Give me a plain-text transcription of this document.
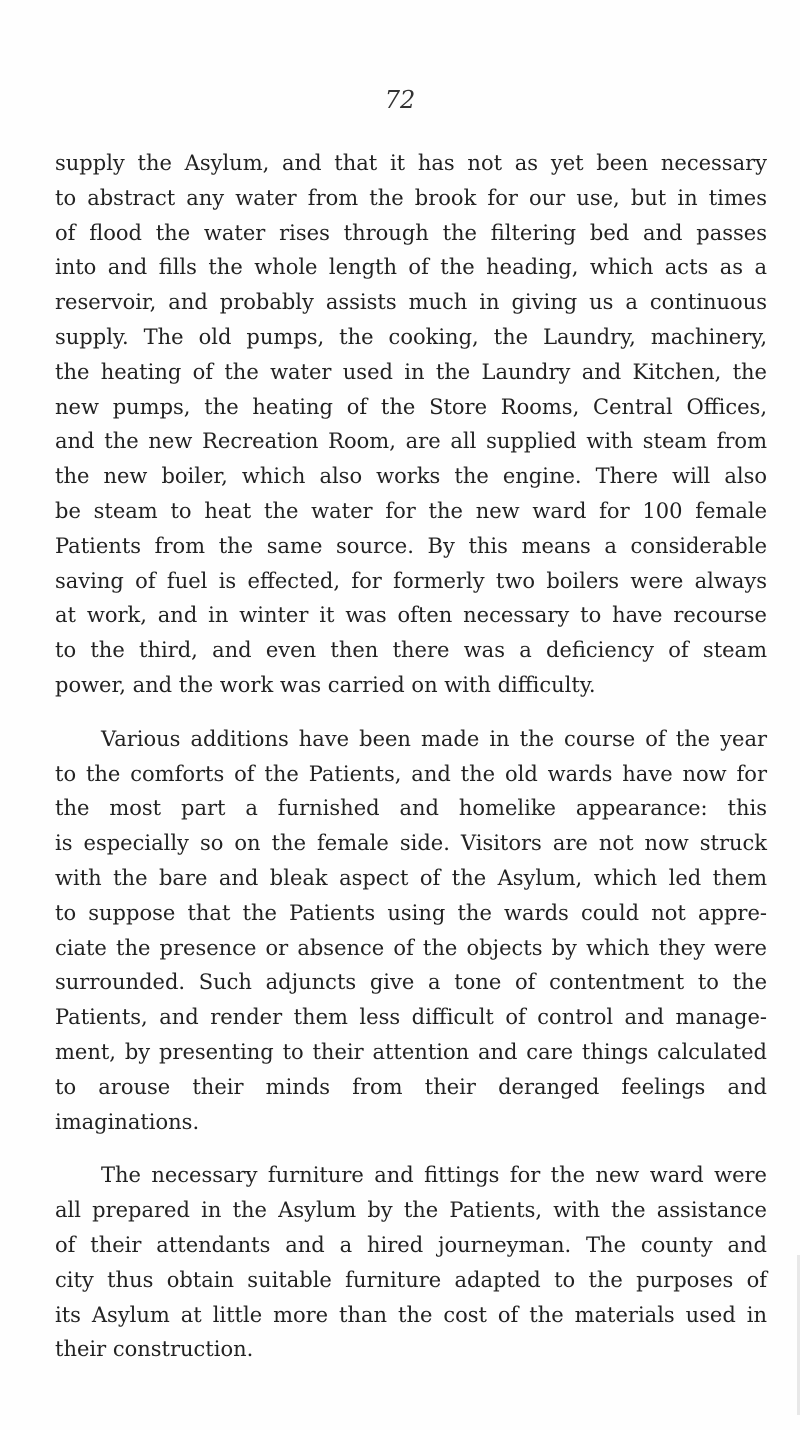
72
supply the Asylum, and that it has not as yet been necessary
to abstract any water from the brook for our use, but in times
of flood the water rises through the filtering bed and passes
into and fills the whole length of the heading, which acts as a
reservoir, and probably assists much in giving us a continuous
supply. The old pumps, the cooking, the Laundry, machinery,
the heating of the water used in the Laundry and Kitchen, the
new pumps, the heating of the Store Rooms, Central Offices,
and the new Recreation Room, are all supplied with steam from
the new boiler, which also works the engine. There will also
be steam to heat the water for the new ward for 100 female
Patients from the same source. By this means a considerable
saving of fuel is effected, for formerly two boilers were always
at work, and in winter it was often necessary to have recourse
to the third, and even then there was a deficiency of steam
power, and the work was carried on with difficulty.
Various additions have been made in the course of the year
to the comforts of the Patients, and the old wards have now for
the most part a furnished and homelike appearance: this
is especially so on the female side. Visitors are not now struck
with the bare and bleak aspect of the Asylum, which led them
to suppose that the Patients using the wards could not appre-
ciate the presence or absence of the objects by which they were
surrounded. Such adjuncts give a tone of contentment to the
Patients, and render them less difficult of control and manage-
ment, by presenting to their attention and care things calculated
to arouse their minds from their deranged feelings and
imaginations.
The necessary furniture and fittings for the new ward were
all prepared in the Asylum by the Patients, with the assistance
of their attendants and a hired journeyman. The county and
city thus obtain suitable furniture adapted to the purposes of
its Asylum at little more than the cost of the materials used in
their construction.
